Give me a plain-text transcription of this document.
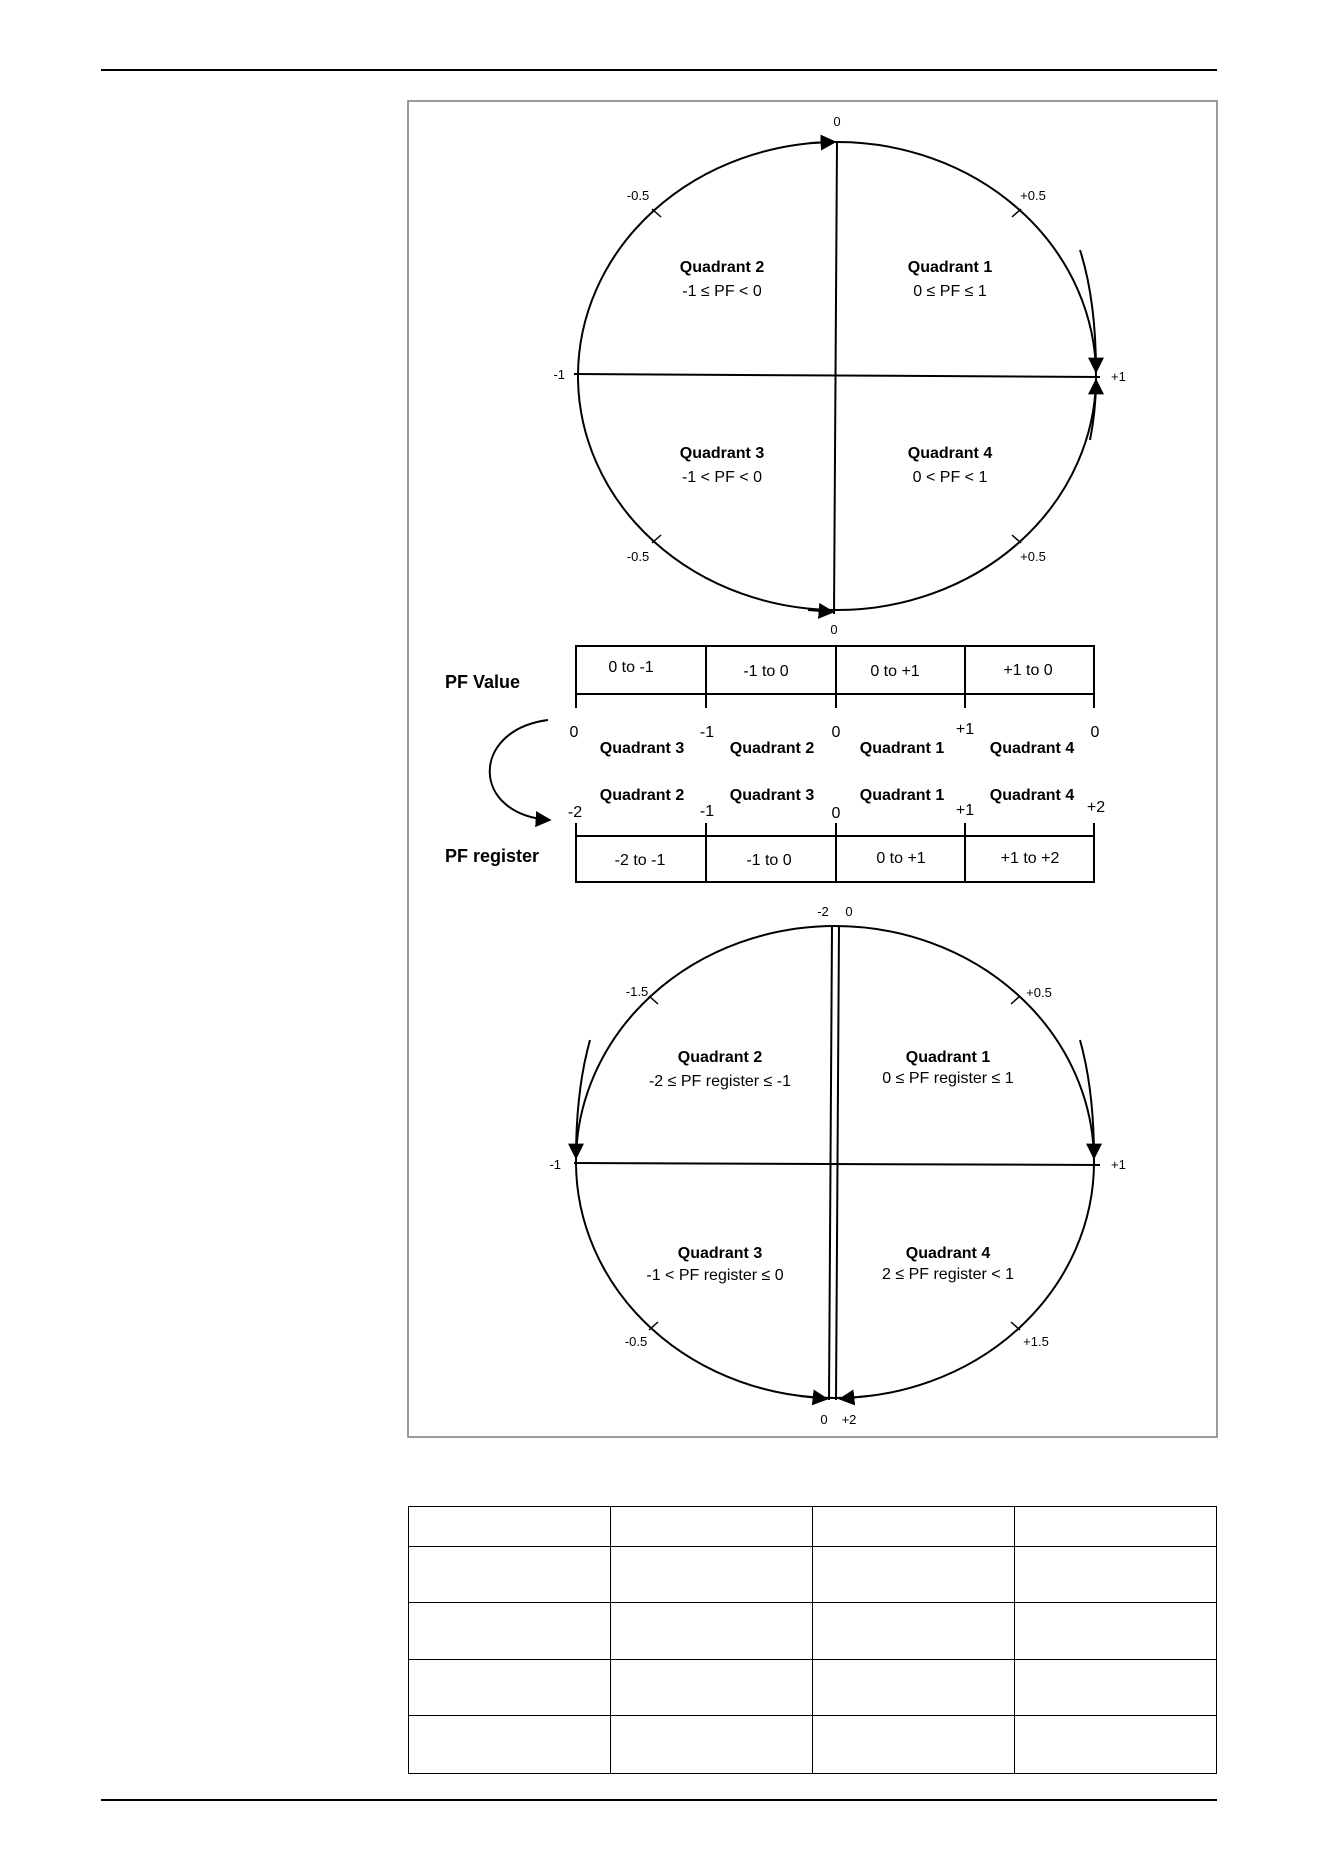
0
0
-1	+1
-0.5	+0.5
-0.5	+0.5
Quadrant 2
-1 ≤ PF < 0
Quadrant 1
0 ≤ PF ≤ 1
Quadrant 3
-1 < PF < 0
Quadrant 4
0 < PF < 1
PF Value
0 to -1	-1 to 0	0 to +1	+1 to 0
0	-1	0	+1	0
Quadrant 3	Quadrant 2	Quadrant 1	Quadrant 4
Quadrant 2	Quadrant 3	Quadrant 1	Quadrant 4
-2	-1	0	+1	+2
PF register	-2 to -1	-1 to 0	0 to +1	+1 to +2
-2 0
0 +2
-1	+1
-1.5	+0.5
-0.5	+1.5
Quadrant 2
-2 ≤ PF register ≤ -1
Quadrant 1
0 ≤ PF register ≤ 1
Quadrant 3
-1 < PF register ≤ 0
Quadrant 4
2 ≤ PF register < 1
